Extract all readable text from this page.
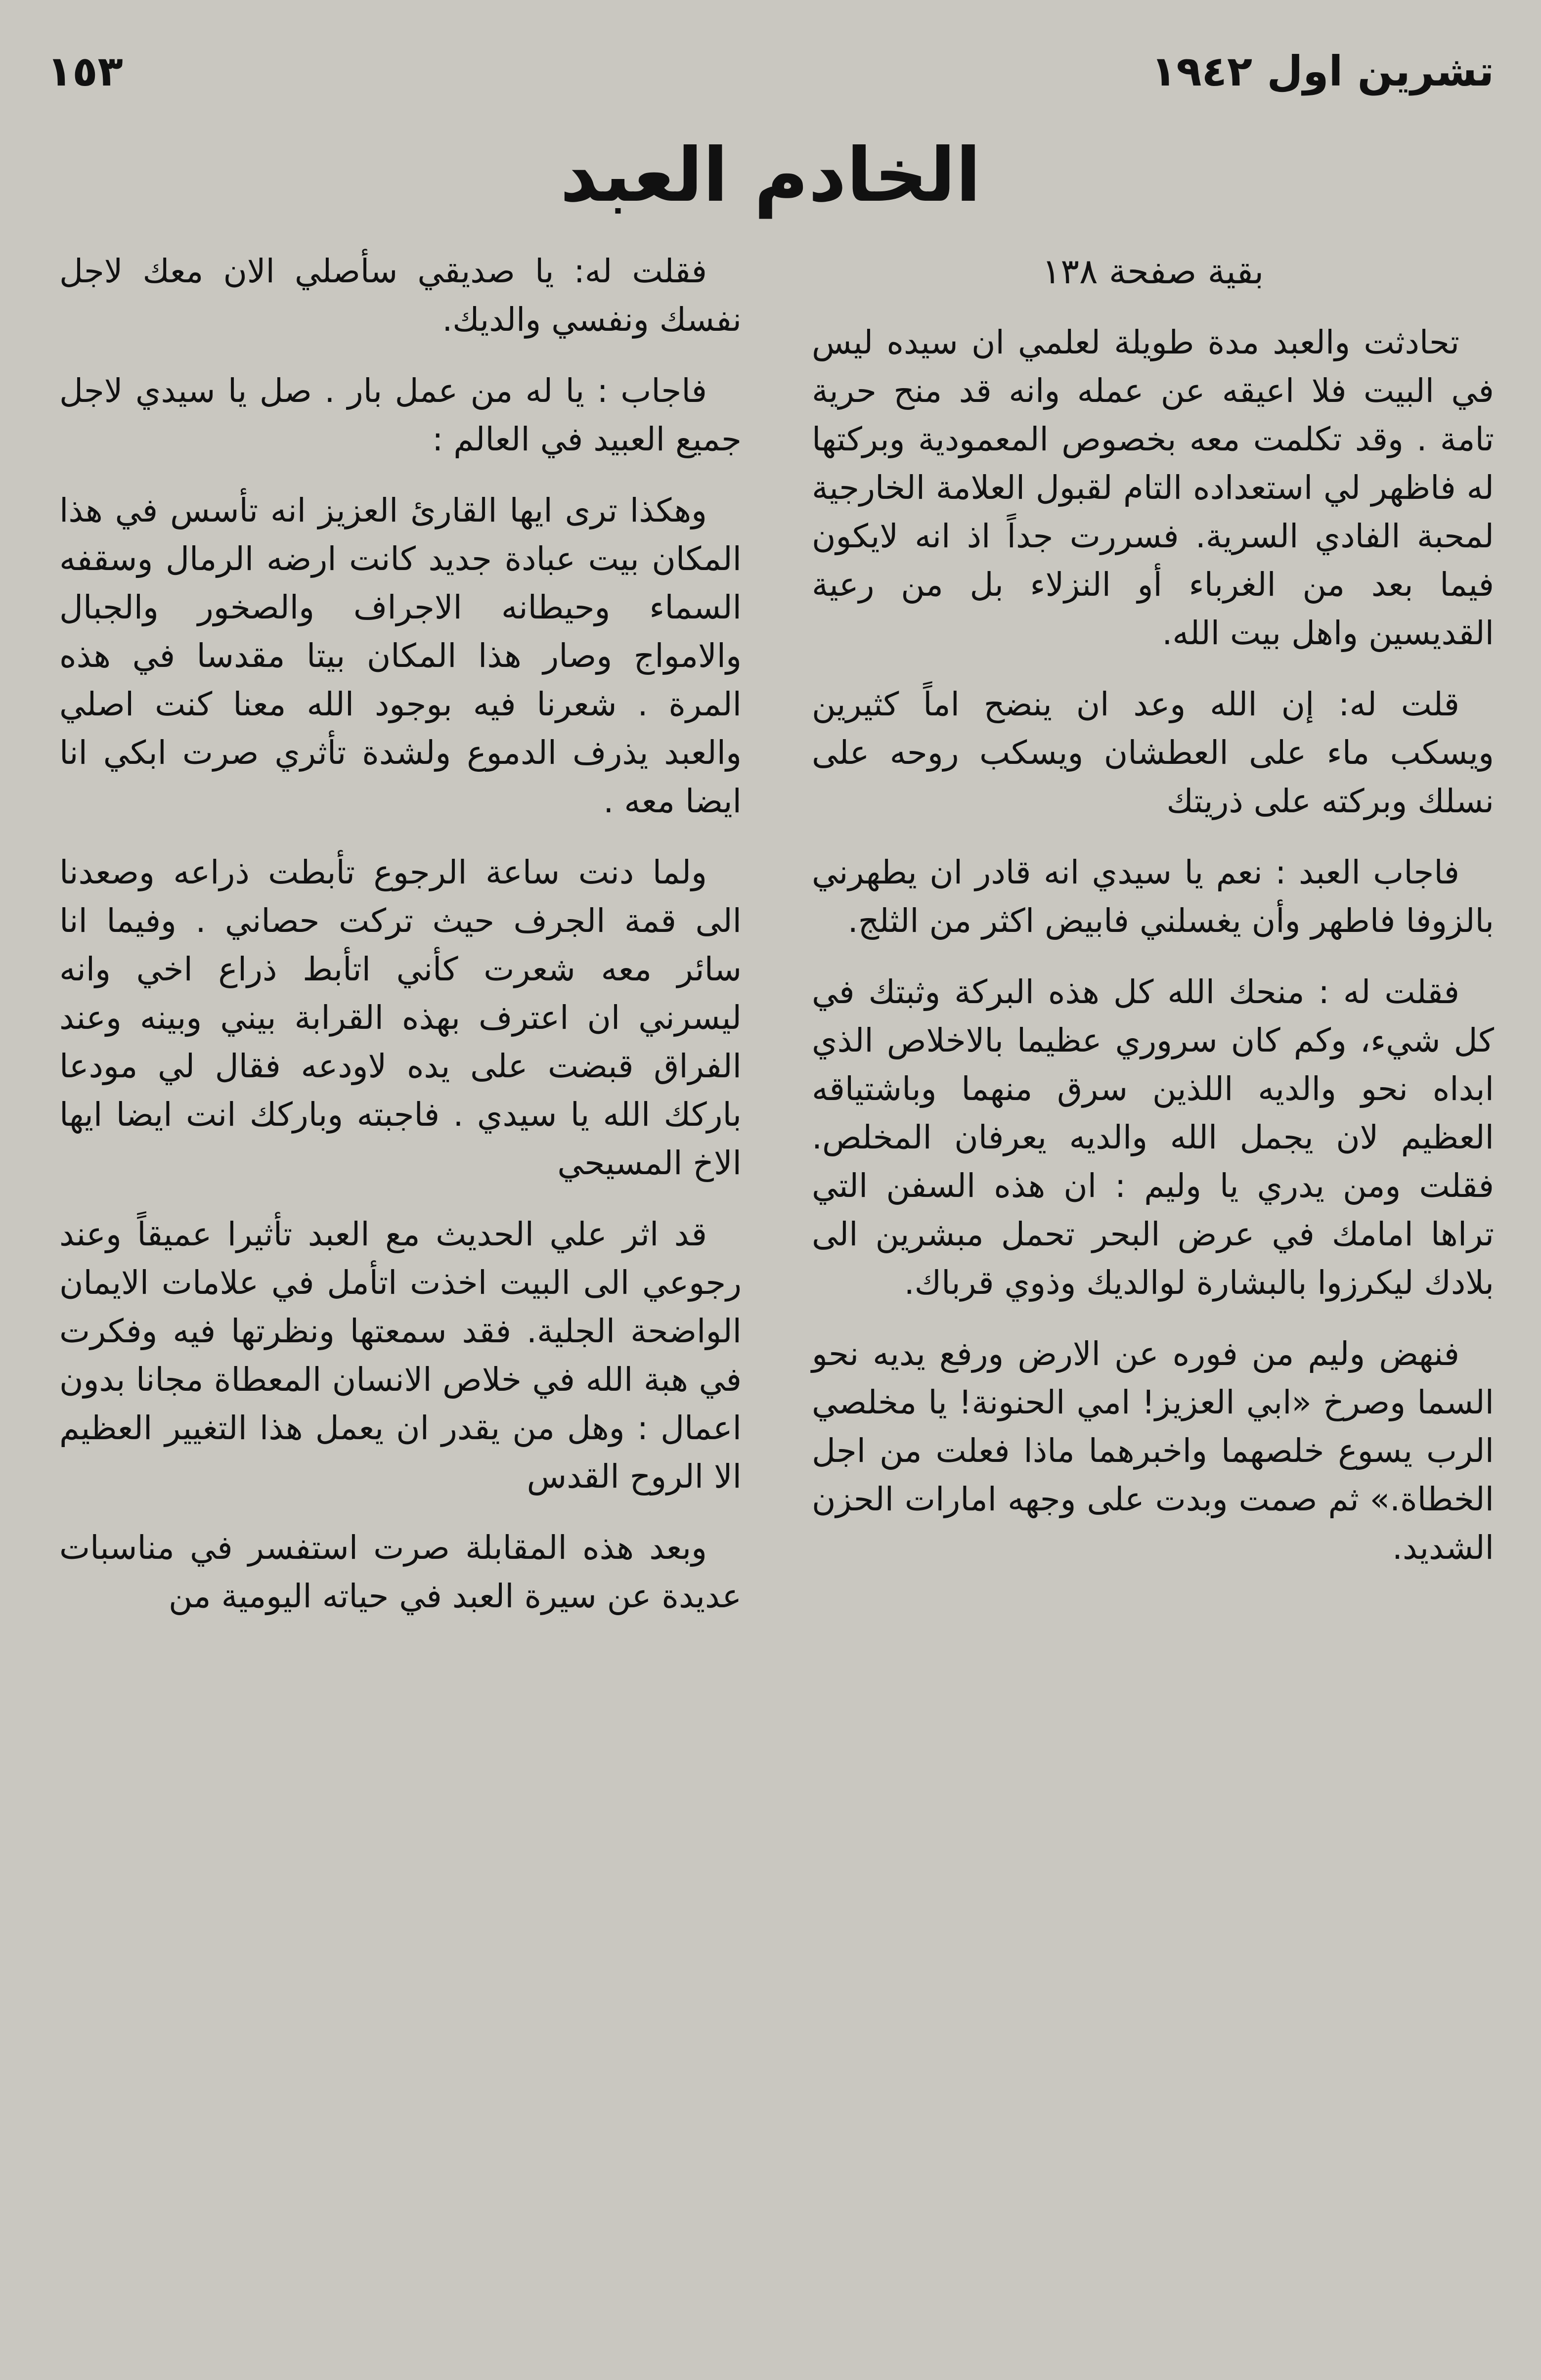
تشرين اول ١٩٤٢
١٥٣
الخادم العبد
بقية صفحة ١٣٨

تحادثت والعبد مدة طويلة لعلمي ان سيده ليس في البيت فلا اعيقه عن عمله وانه قد منح حرية تامة . وقد تكلمت معه بخصوص المعمودية وبركتها له فاظهر لي استعداده التام لقبول العلامة الخارجية لمحبة الفادي السرية. فسررت جداً اذ انه لايكون فيما بعد من الغرباء أو النزلاء بل من رعية القديسين واهل بيت الله.

قلت له: إن الله وعد ان ينضح اماً كثيرين ويسكب ماء على العطشان ويسكب روحه على نسلك وبركته على ذريتك

فاجاب العبد : نعم يا سيدي انه قادر ان يطهرني بالزوفا فاطهر وأن يغسلني فابيض اكثر من الثلج.

فقلت له : منحك الله كل هذه البركة وثبتك في كل شيء، وكم كان سروري عظيما بالاخلاص الذي ابداه نحو والديه اللذين سرق منهما وباشتياقه العظيم لان يجمل الله والديه يعرفان المخلص. فقلت ومن يدري يا وليم : ان هذه السفن التي تراها امامك في عرض البحر تحمل مبشرين الى بلادك ليكرزوا بالبشارة لوالديك وذوي قرباك.

فنهض وليم من فوره عن الارض ورفع يديه نحو السما وصرخ «ابي العزيز! امي الحنونة! يا مخلصي الرب يسوع خلصهما واخبرهما ماذا فعلت من اجل الخطاة.» ثم صمت وبدت على وجهه امارات الحزن الشديد.

فقلت له: يا صديقي سأصلي الان معك لاجل نفسك ونفسي والديك.

فاجاب : يا له من عمل بار . صل يا سيدي لاجل جميع العبيد في العالم :

وهكذا ترى ايها القارئ العزيز انه تأسس في هذا المكان بيت عبادة جديد كانت ارضه الرمال وسقفه السماء وحيطانه الاجراف والصخور والجبال والامواج وصار هذا المكان بيتا مقدسا في هذه المرة . شعرنا فيه بوجود الله معنا كنت اصلي والعبد يذرف الدموع ولشدة تأثري صرت ابكي انا ايضا معه .

ولما دنت ساعة الرجوع تأبطت ذراعه وصعدنا الى قمة الجرف حيث تركت حصاني . وفيما انا سائر معه شعرت كأني اتأبط ذراع اخي وانه ليسرني ان اعترف بهذه القرابة بيني وبينه وعند الفراق قبضت على يده لاودعه فقال لي مودعا باركك الله يا سيدي . فاجبته وباركك انت ايضا ايها الاخ المسيحي

قد اثر علي الحديث مع العبد تأثيرا عميقاً وعند رجوعي الى البيت اخذت اتأمل في علامات الايمان الواضحة الجلية. فقد سمعتها ونظرتها فيه وفكرت في هبة الله في خلاص الانسان المعطاة مجانا بدون اعمال : وهل من يقدر ان يعمل هذا التغيير العظيم الا الروح القدس

وبعد هذه المقابلة صرت استفسر في مناسبات عديدة عن سيرة العبد في حياته اليومية من
